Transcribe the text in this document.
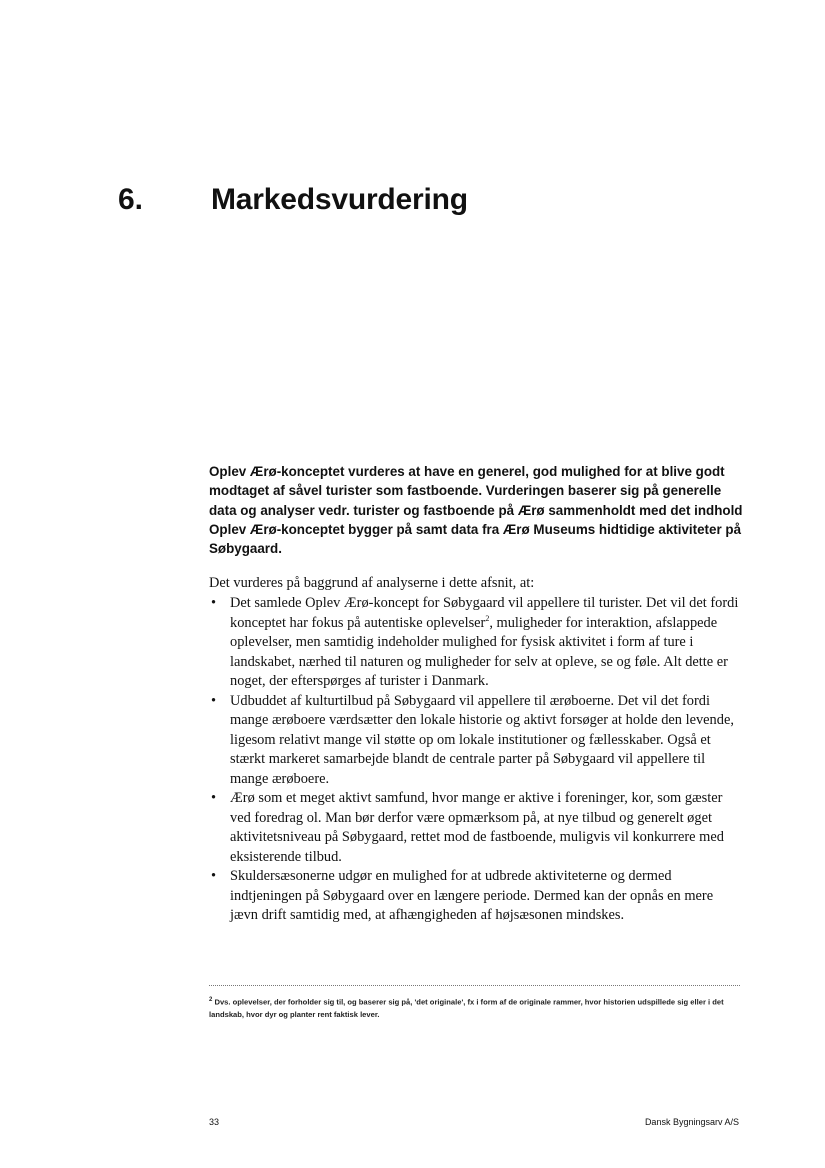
6. Markedsvurdering

Oplev Ærø-konceptet vurderes at have en generel, god mulighed for at blive godt modtaget af såvel turister som fastboende. Vurderingen baserer sig på generelle data og analyser vedr. turister og fastboende på Ærø sammenholdt med det indhold Oplev Ærø-konceptet bygger på samt data fra Ærø Museums hidtidige aktiviteter på Søbygaard.

Det vurderes på baggrund af analyserne i dette afsnit, at:

• Det samlede Oplev Ærø-koncept for Søbygaard vil appellere til turister. Det vil det fordi konceptet har fokus på autentiske oplevelser$^2$, muligheder for interaktion, afslappede oplevelser, men samtidig indeholder mulighed for fysisk aktivitet i form af ture i landskabet, nærhed til naturen og muligheder for selv at opleve, se og føle. Alt dette er noget, der efterspørges af turister i Danmark.
• Udbuddet af kulturtilbud på Søbygaard vil appellere til ærøboerne. Det vil det fordi mange ærøboere værdsætter den lokale historie og aktivt forsøger at holde den levende, ligesom relativt mange vil støtte op om lokale institutioner og fællesskaber. Også et stærkt markeret samarbejde blandt de centrale parter på Søbygaard vil appellere til mange ærøboere.
• Ærø som et meget aktivt samfund, hvor mange er aktive i foreninger, kor, som gæster ved foredrag ol. Man bør derfor være opmærksom på, at nye tilbud og generelt øget aktivitetsniveau på Søbygaard, rettet mod de fastboende, muligvis vil konkurrere med eksisterende tilbud.
• Skuldersæsonerne udgør en mulighed for at udbrede aktiviteterne og dermed indtjeningen på Søbygaard over en længere periode. Dermed kan der opnås en mere jævn drift samtidig med, at afhængigheden af højsæsonen mindskes.
$^2$ Dvs. oplevelser, der forholder sig til, og baserer sig på, 'det originale', fx i form af de originale rammer, hvor historien udspillede sig eller i det landskab, hvor dyr og planter rent faktisk lever.
33	Dansk Bygningsarv A/S
